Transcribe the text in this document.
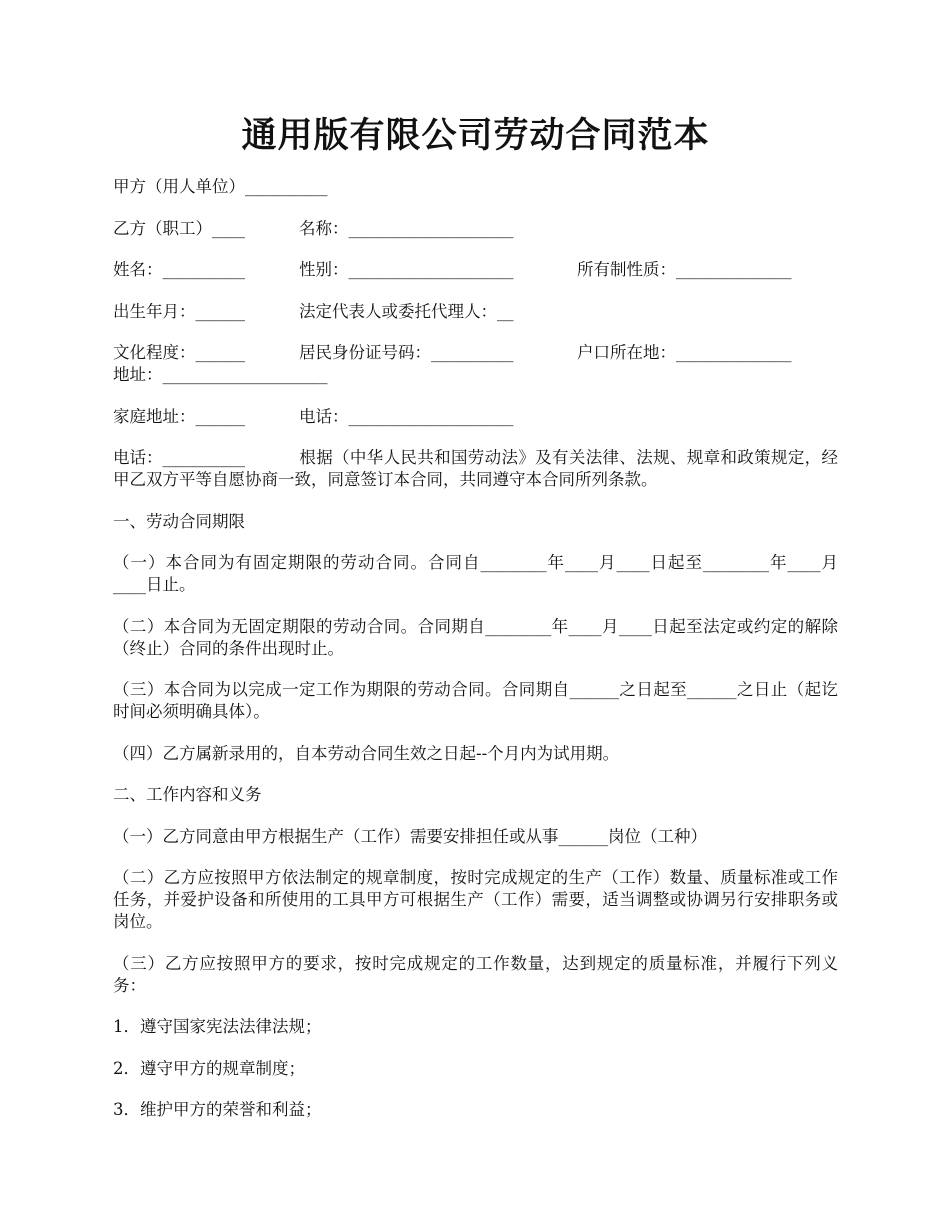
通用版有限公司劳动合同范本

甲方（用人单位）__________

乙方（职工）____	名称：____________________

姓名：__________	性别：____________________	所有制性质：______________

出生年月：______	法定代表人或委托代理人：__

文化程度：______	居民身份证号码：__________	户口所在地：______________
地址：____________________

家庭地址：______	电话：____________________

电话：__________	根据（中华人民共和国劳动法》及有关法律、法规、规章和政策规定，经甲乙双方平等自愿协商一致，同意签订本合同，共同遵守本合同所列条款。

一、劳动合同期限

（一）本合同为有固定期限的劳动合同。合同自________年____月____日起至________年____月____日止。

（二）本合同为无固定期限的劳动合同。合同期自________年____月____日起至法定或约定的解除（终止）合同的条件出现时止。

（三）本合同为以完成一定工作为期限的劳动合同。合同期自______之日起至______之日止（起讫时间必须明确具体）。

（四）乙方属新录用的，自本劳动合同生效之日起--个月内为试用期。

二、工作内容和义务

（一）乙方同意由甲方根据生产（工作）需要安排担任或从事______岗位（工种）

（二）乙方应按照甲方依法制定的规章制度，按时完成规定的生产（工作）数量、质量标准或工作任务，并爱护设备和所使用的工具甲方可根据生产（工作）需要，适当调整或协调另行安排职务或岗位。

（三）乙方应按照甲方的要求，按时完成规定的工作数量，达到规定的质量标准，并履行下列义务：

1．遵守国家宪法法律法规；

2．遵守甲方的规章制度；

3．维护甲方的荣誉和利益；
